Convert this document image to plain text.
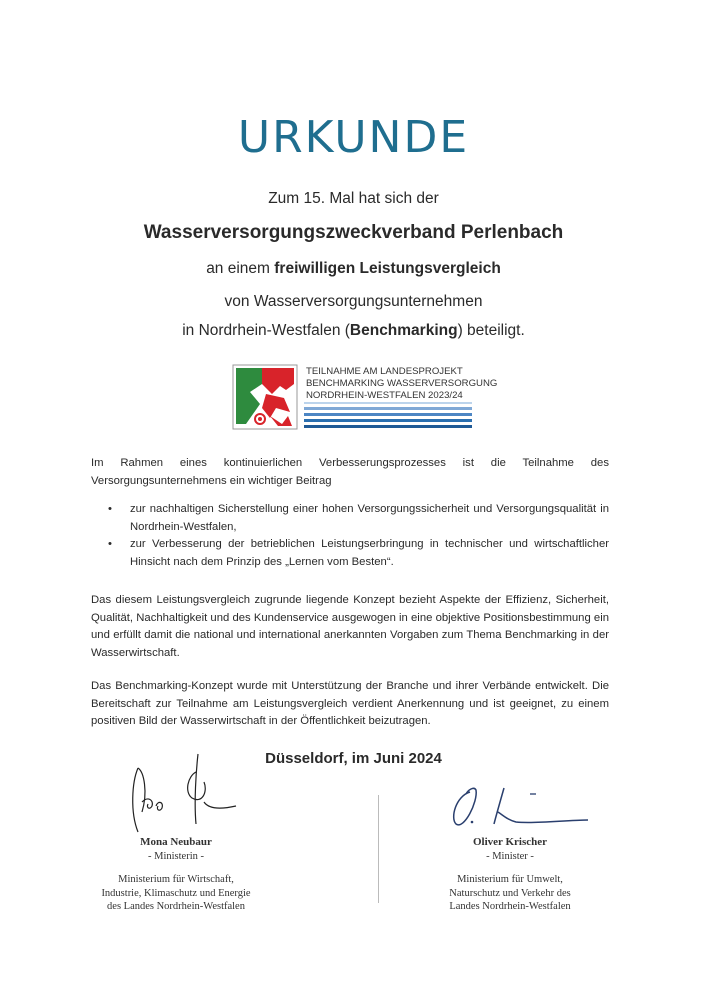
URKUNDE
Zum 15. Mal hat sich der
Wasserversorgungszweckverband Perlenbach
an einem freiwilligen Leistungsvergleich
von Wasserversorgungsunternehmen
in Nordrhein-Westfalen (Benchmarking) beteiligt.
TEILNAHME AM LANDESPROJEKT
BENCHMARKING WASSERVERSORGUNG
NORDRHEIN-WESTFALEN 2023/24
Im Rahmen eines kontinuierlichen Verbesserungsprozesses ist die Teilnahme des
Versorgungsunternehmens ein wichtiger Beitrag
• zur nachhaltigen Sicherstellung einer hohen Versorgungssicherheit und Versorgungsqualität in Nordrhein-Westfalen,
• zur Verbesserung der betrieblichen Leistungserbringung in technischer und wirtschaftlicher Hinsicht nach dem Prinzip des „Lernen vom Besten“.
Das diesem Leistungsvergleich zugrunde liegende Konzept bezieht Aspekte der Effizienz, Sicherheit, Qualität, Nachhaltigkeit und des Kundenservice ausgewogen in eine objektive Positionsbestimmung ein und erfüllt damit die national und international anerkannten Vorgaben zum Thema Benchmarking in der Wasserwirtschaft.
Das Benchmarking-Konzept wurde mit Unterstützung der Branche und ihrer Verbände entwickelt. Die Bereitschaft zur Teilnahme am Leistungsvergleich verdient Anerkennung und ist geeignet, zu einem positiven Bild der Wasserwirtschaft in der Öffentlichkeit beizutragen.
Düsseldorf, im Juni 2024
Mona Neubaur
- Ministerin -
Ministerium für Wirtschaft,
Industrie, Klimaschutz und Energie
des Landes Nordrhein-Westfalen
Oliver Krischer
- Minister -
Ministerium für Umwelt,
Naturschutz und Verkehr des
Landes Nordrhein-Westfalen
